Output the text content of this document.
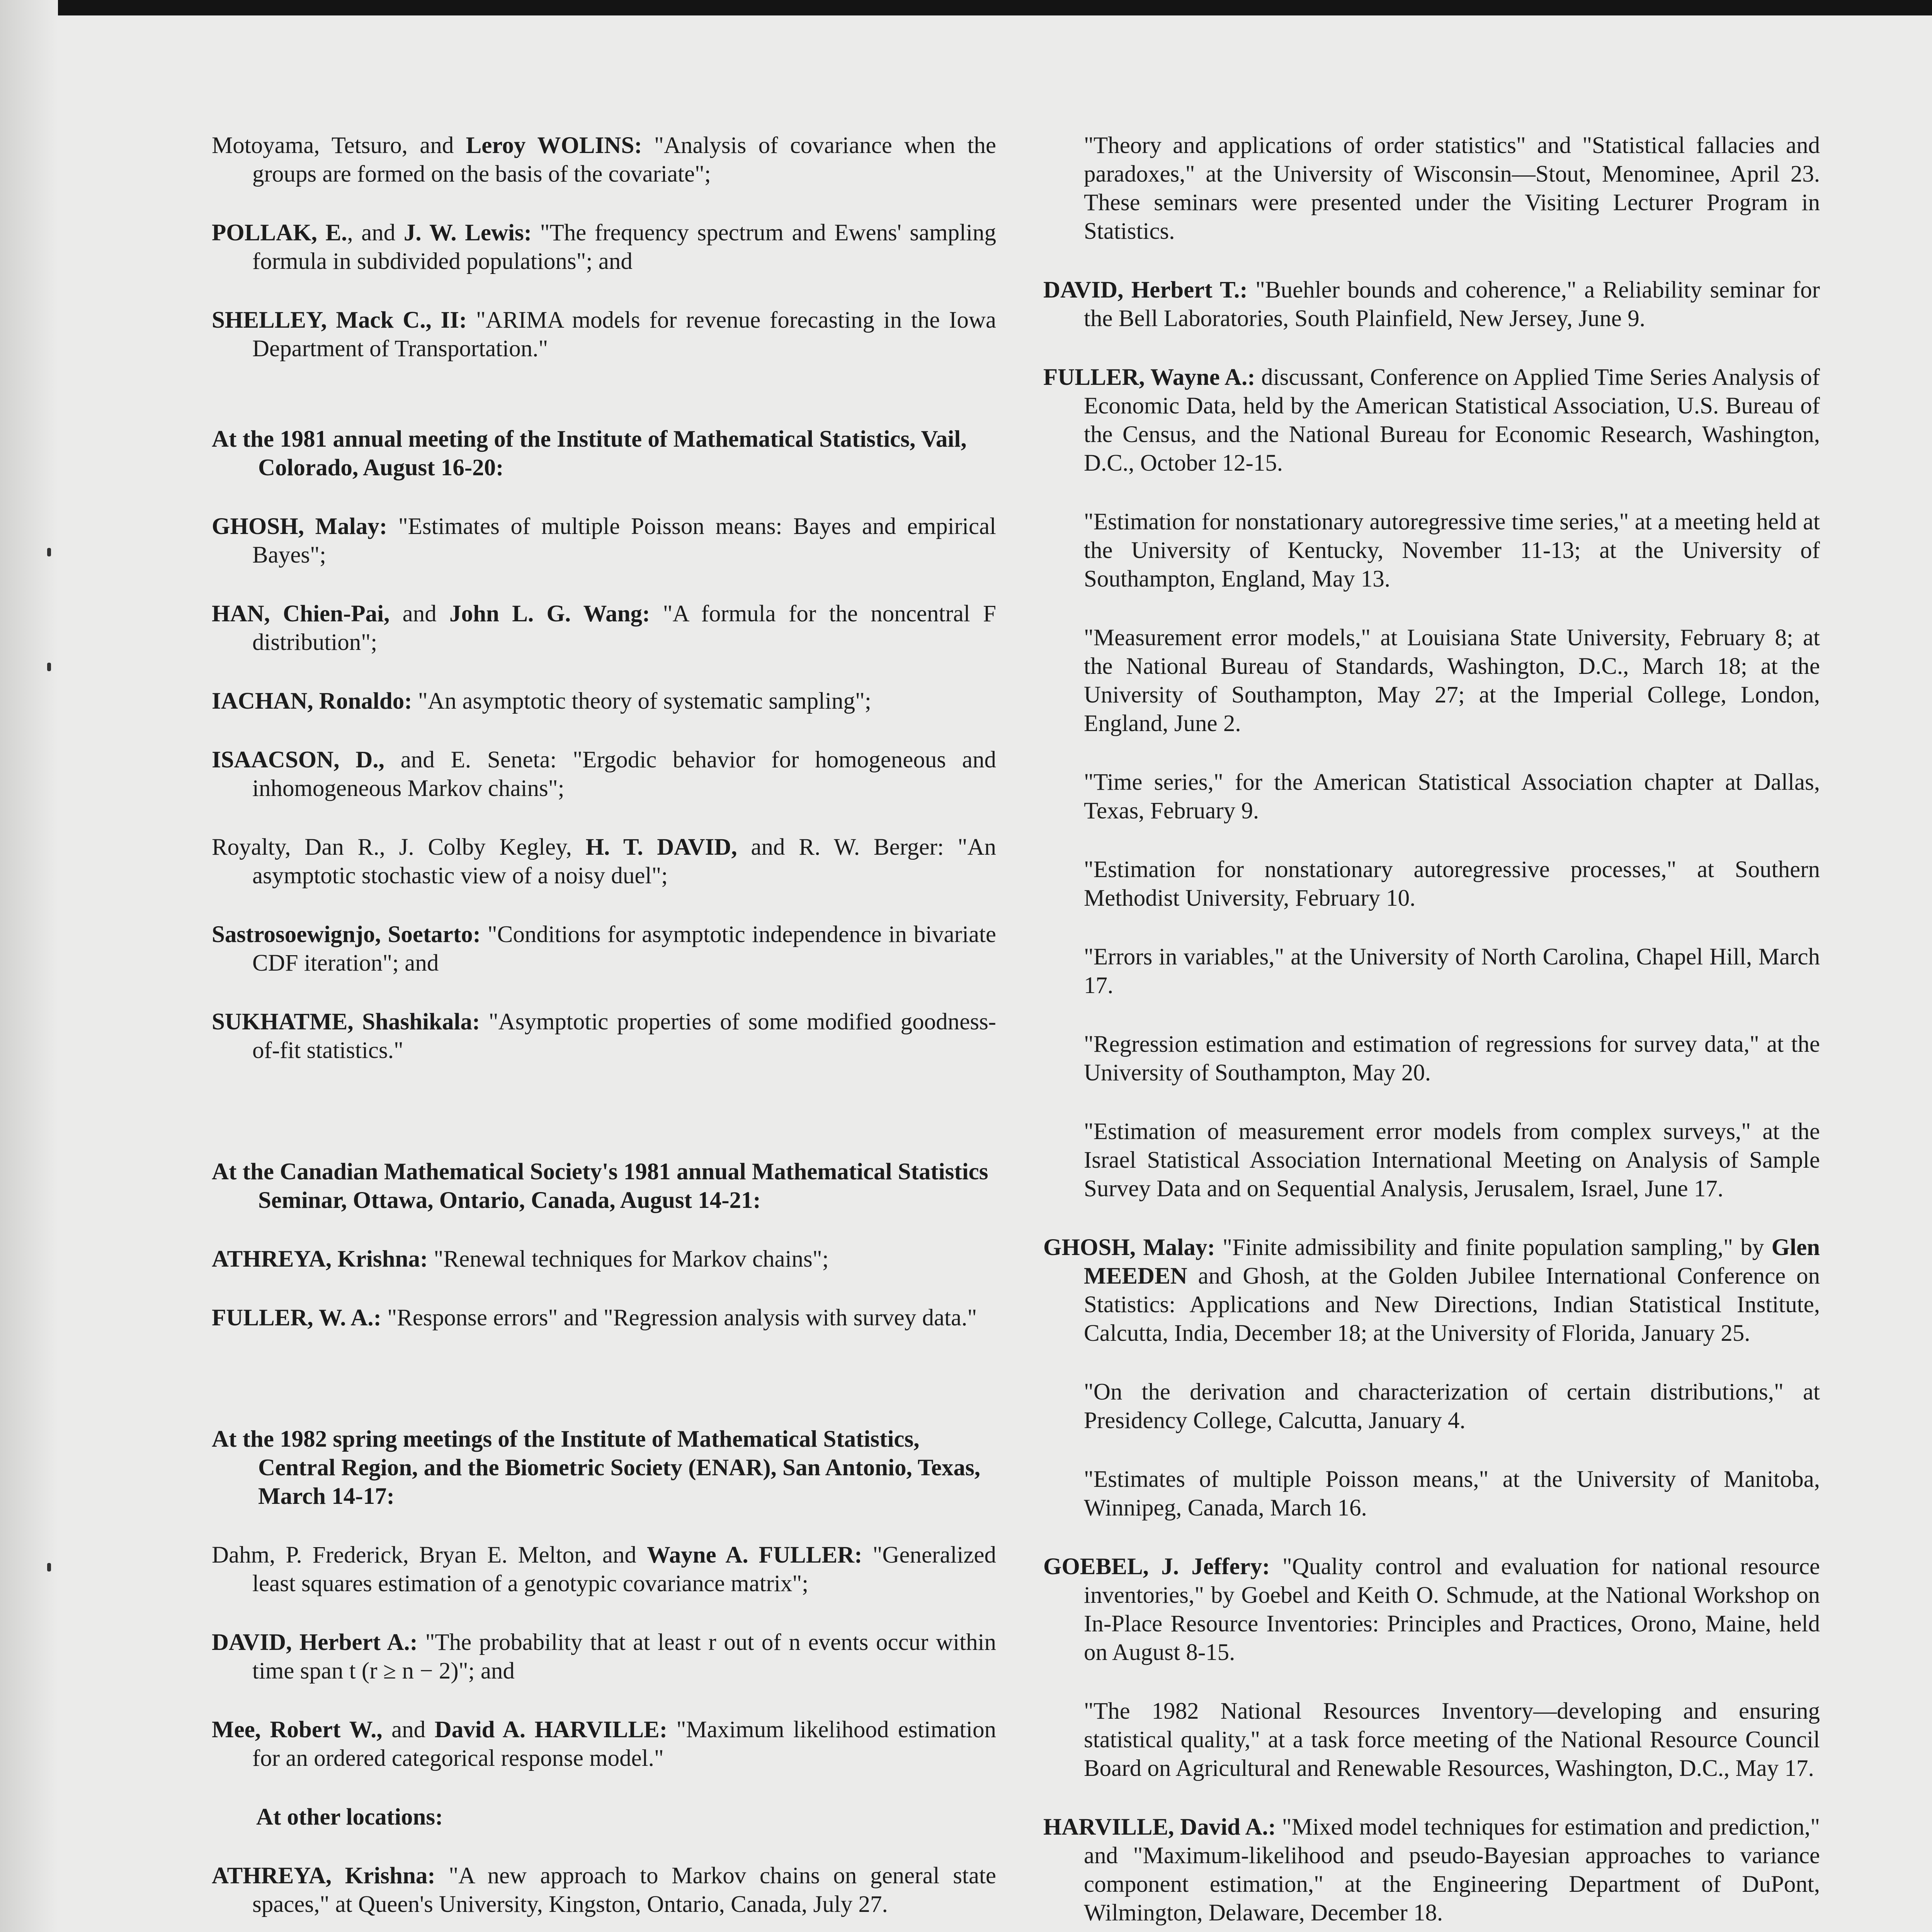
Motoyama, Tetsuro, and Leroy WOLINS: "Analysis of covariance when the groups are formed on the basis of the covariate";

POLLAK, E., and J. W. Lewis: "The frequency spectrum and Ewens' sampling formula in subdivided populations"; and

SHELLEY, Mack C., II: "ARIMA models for revenue forecasting in the Iowa Department of Transportation."

At the 1981 annual meeting of the Institute of Mathematical Statistics, Vail, Colorado, August 16-20:

GHOSH, Malay: "Estimates of multiple Poisson means: Bayes and empirical Bayes";

HAN, Chien-Pai, and John L. G. Wang: "A formula for the noncentral F distribution";

IACHAN, Ronaldo: "An asymptotic theory of systematic sampling";

ISAACSON, D., and E. Seneta: "Ergodic behavior for homogeneous and inhomogeneous Markov chains";

Royalty, Dan R., J. Colby Kegley, H. T. DAVID, and R. W. Berger: "An asymptotic stochastic view of a noisy duel";

Sastrosoewignjo, Soetarto: "Conditions for asymptotic independence in bivariate CDF iteration"; and

SUKHATME, Shashikala: "Asymptotic properties of some modified goodness-of-fit statistics."

At the Canadian Mathematical Society's 1981 annual Mathematical Statistics Seminar, Ottawa, Ontario, Canada, August 14-21:

ATHREYA, Krishna: "Renewal techniques for Markov chains";

FULLER, W. A.: "Response errors" and "Regression analysis with survey data."

At the 1982 spring meetings of the Institute of Mathematical Statistics, Central Region, and the Biometric Society (ENAR), San Antonio, Texas, March 14-17:

Dahm, P. Frederick, Bryan E. Melton, and Wayne A. FULLER: "Generalized least squares estimation of a genotypic covariance matrix";

DAVID, Herbert A.: "The probability that at least r out of n events occur within time span t (r ≥ n − 2)"; and

Mee, Robert W., and David A. HARVILLE: "Maximum likelihood estimation for an ordered categorical response model."

At other locations:

ATHREYA, Krishna: "A new approach to Markov chains on general state spaces," at Queen's University, Kingston, Ontario, Canada, July 27.

"Theory and applications of order statistics" and "Statistical fallacies and paradoxes," at the University of Wisconsin—Stout, Menominee, April 23. These seminars were presented under the Visiting Lecturer Program in Statistics.

DAVID, Herbert T.: "Buehler bounds and coherence," a Reliability seminar for the Bell Laboratories, South Plainfield, New Jersey, June 9.

FULLER, Wayne A.: discussant, Conference on Applied Time Series Analysis of Economic Data, held by the American Statistical Association, U.S. Bureau of the Census, and the National Bureau for Economic Research, Washington, D.C., October 12-15.

"Estimation for nonstationary autoregressive time series," at a meeting held at the University of Kentucky, November 11-13; at the University of Southampton, England, May 13.

"Measurement error models," at Louisiana State University, February 8; at the National Bureau of Standards, Washington, D.C., March 18; at the University of Southampton, May 27; at the Imperial College, London, England, June 2.

"Time series," for the American Statistical Association chapter at Dallas, Texas, February 9.

"Estimation for nonstationary autoregressive processes," at Southern Methodist University, February 10.

"Errors in variables," at the University of North Carolina, Chapel Hill, March 17.

"Regression estimation and estimation of regressions for survey data," at the University of Southampton, May 20.

"Estimation of measurement error models from complex surveys," at the Israel Statistical Association International Meeting on Analysis of Sample Survey Data and on Sequential Analysis, Jerusalem, Israel, June 17.

GHOSH, Malay: "Finite admissibility and finite population sampling," by Glen MEEDEN and Ghosh, at the Golden Jubilee International Conference on Statistics: Applications and New Directions, Indian Statistical Institute, Calcutta, India, December 18; at the University of Florida, January 25.

"On the derivation and characterization of certain distributions," at Presidency College, Calcutta, January 4.

"Estimates of multiple Poisson means," at the University of Manitoba, Winnipeg, Canada, March 16.

GOEBEL, J. Jeffery: "Quality control and evaluation for national resource inventories," by Goebel and Keith O. Schmude, at the National Workshop on In-Place Resource Inventories: Principles and Practices, Orono, Maine, held on August 8-15.

"The 1982 National Resources Inventory—developing and ensuring statistical quality," at a task force meeting of the National Resource Council Board on Agricultural and Renewable Resources, Washington, D.C., May 17.

HARVILLE, David A.: "Mixed model techniques for estimation and prediction," and "Maximum-likelihood and pseudo-Bayesian approaches to variance component estimation," at the Engineering Department of DuPont, Wilmington, Delaware, December 18.
